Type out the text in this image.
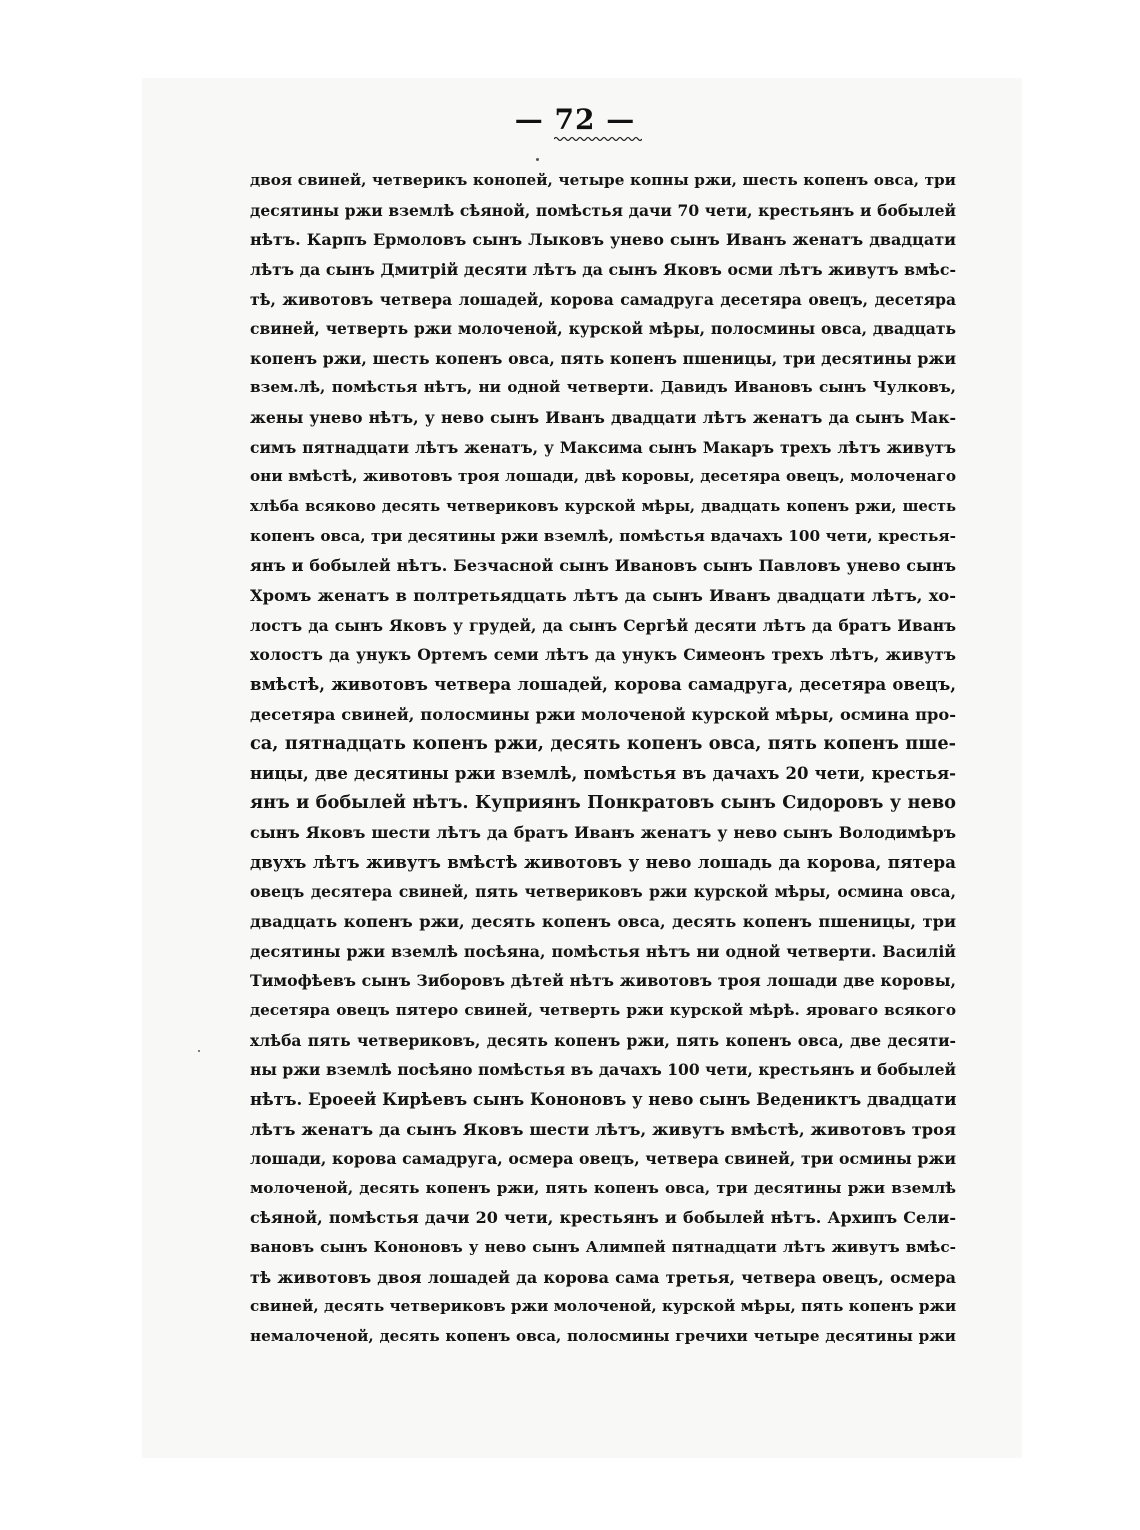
— 72 —
двоя свиней, четверикъ конопей, четыре копны ржи, шесть копенъ овса, три
десятины ржи вземлѣ сѣяной, помѣстья дачи 70 чети, крестьянъ и бобылей
нѣтъ. Карпъ Ермоловъ сынъ Лыковъ унево сынъ Иванъ женатъ двадцати
лѣтъ да сынъ Дмитрій десяти лѣтъ да сынъ Яковъ осми лѣтъ живутъ вмѣс-
тѣ, животовъ четвера лошадей, корова самадруга десетяра овецъ, десетяра
свиней, четверть ржи молоченой, курской мѣры, полосмины овса, двадцать
копенъ ржи, шесть копенъ овса, пять копенъ пшеницы, три десятины ржи
взем.лѣ, помѣстья нѣтъ, ни одной четверти. Давидъ Ивановъ сынъ Чулковъ,
жены унево нѣтъ, у нево сынъ Иванъ двадцати лѣтъ женатъ да сынъ Мак-
симъ пятнадцати лѣтъ женатъ, у Максима сынъ Макаръ трехъ лѣтъ живутъ
они вмѣстѣ, животовъ троя лошади, двѣ коровы, десетяра овецъ, молоченаго
хлѣба всяково десять четвериковъ курской мѣры, двадцать копенъ ржи, шесть
копенъ овса, три десятины ржи вземлѣ, помѣстья вдачахъ 100 чети, крестья-
янъ и бобылей нѣтъ. Безчасной сынъ Ивановъ сынъ Павловъ унево сынъ
Хромъ женатъ в полтретьядцать лѣтъ да сынъ Иванъ двадцати лѣтъ, хо-
лостъ да сынъ Яковъ у грудей, да сынъ Сергѣй десяти лѣтъ да братъ Иванъ
холостъ да унукъ Ортемъ семи лѣтъ да унукъ Симеонъ трехъ лѣтъ, живутъ
вмѣстѣ, животовъ четвера лошадей, корова самадруга, десетяра овецъ,
десетяра свиней, полосмины ржи молоченой курской мѣры, осмина про-
са, пятнадцать копенъ ржи, десять копенъ овса, пять копенъ пше-
ницы, две десятины ржи вземлѣ, помѣстья въ дачахъ 20 чети, крестья-
янъ и бобылей нѣтъ. Куприянъ Понкратовъ сынъ Сидоровъ у нево
сынъ Яковъ шести лѣтъ да братъ Иванъ женатъ у нево сынъ Володимѣръ
двухъ лѣтъ живутъ вмѣстѣ животовъ у нево лошадь да корова, пятера
овецъ десятера свиней, пять четвериковъ ржи курской мѣры, осмина овса,
двадцать копенъ ржи, десять копенъ овса, десять копенъ пшеницы, три
десятины ржи вземлѣ посѣяна, помѣстья нѣтъ ни одной четверти. Василій
Тимофѣевъ сынъ Зиборовъ дѣтей нѣтъ животовъ троя лошади две коровы,
десетяра овецъ пятеро свиней, четверть ржи курской мѣрѣ. яроваго всякого
хлѣба пять четвериковъ, десять копенъ ржи, пять копенъ овса, две десяти-
ны ржи вземлѣ посѣяно помѣстья въ дачахъ 100 чети, крестьянъ и бобылей
нѣтъ. Ероеей Кирѣевъ сынъ Кононовъ у нево сынъ Ведениктъ двадцати
лѣтъ женатъ да сынъ Яковъ шести лѣтъ, живутъ вмѣстѣ, животовъ троя
лошади, корова самадруга, осмера овецъ, четвера свиней, три осмины ржи
молоченой, десять копенъ ржи, пять копенъ овса, три десятины ржи вземлѣ
сѣяной, помѣстья дачи 20 чети, крестьянъ и бобылей нѣтъ. Архипъ Сели-
вановъ сынъ Кононовъ у нево сынъ Алимпей пятнадцати лѣтъ живутъ вмѣс-
тѣ животовъ двоя лошадей да корова сама третья, четвера овецъ, осмера
свиней, десять четвериковъ ржи молоченой, курской мѣры, пять копенъ ржи
немалоченой, десять копенъ овса, полосмины гречихи четыре десятины ржи
